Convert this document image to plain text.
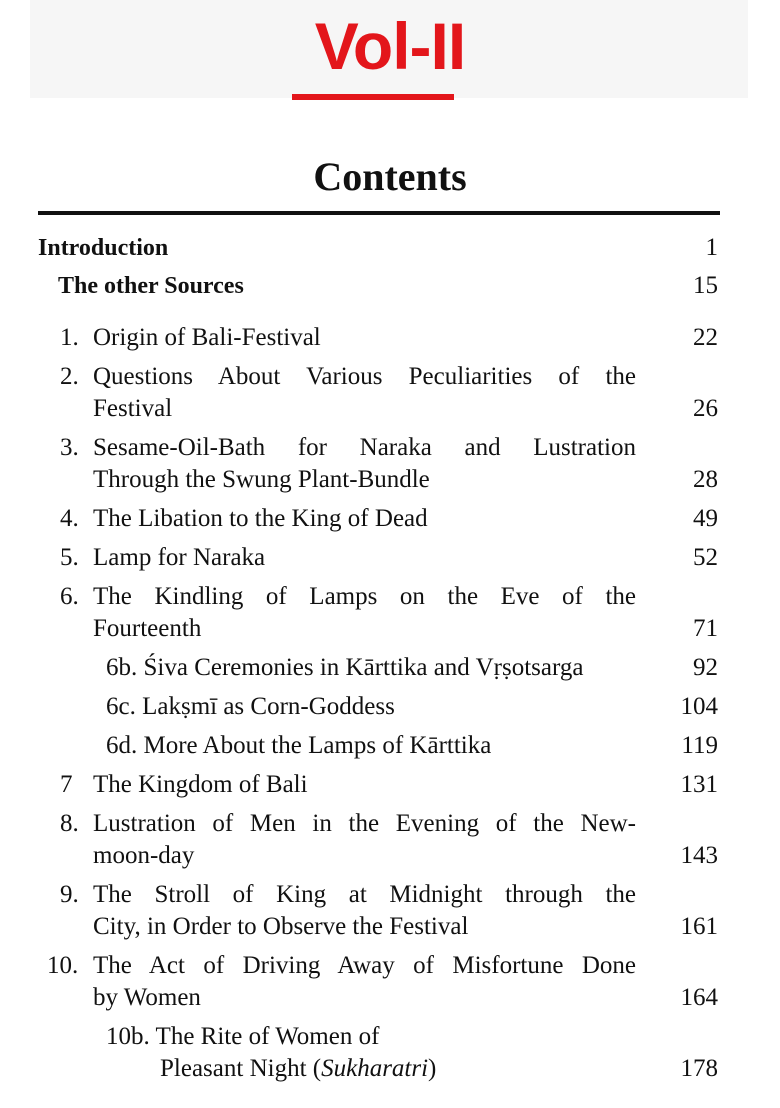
Vol-II
Contents
Introduction	1
The other Sources	15
1. Origin of Bali-Festival	22
2. Questions About Various Peculiarities of the
Festival	26
3. Sesame-Oil-Bath for Naraka and Lustration
Through the Swung Plant-Bundle	28
4. The Libation to the King of Dead	49
5. Lamp for Naraka	52
6. The Kindling of Lamps on the Eve of the
Fourteenth	71
6b. Śiva Ceremonies in Kārttika and Vṛṣotsarga	92
6c. Lakṣmī as Corn-Goddess	104
6d. More About the Lamps of Kārttika	119
7 The Kingdom of Bali	131
8. Lustration of Men in the Evening of the New-
moon-day	143
9. The Stroll of King at Midnight through the
City, in Order to Observe the Festival	161
10. The Act of Driving Away of Misfortune Done
by Women	164
10b. The Rite of Women of
Pleasant Night (Sukharatri)	178
